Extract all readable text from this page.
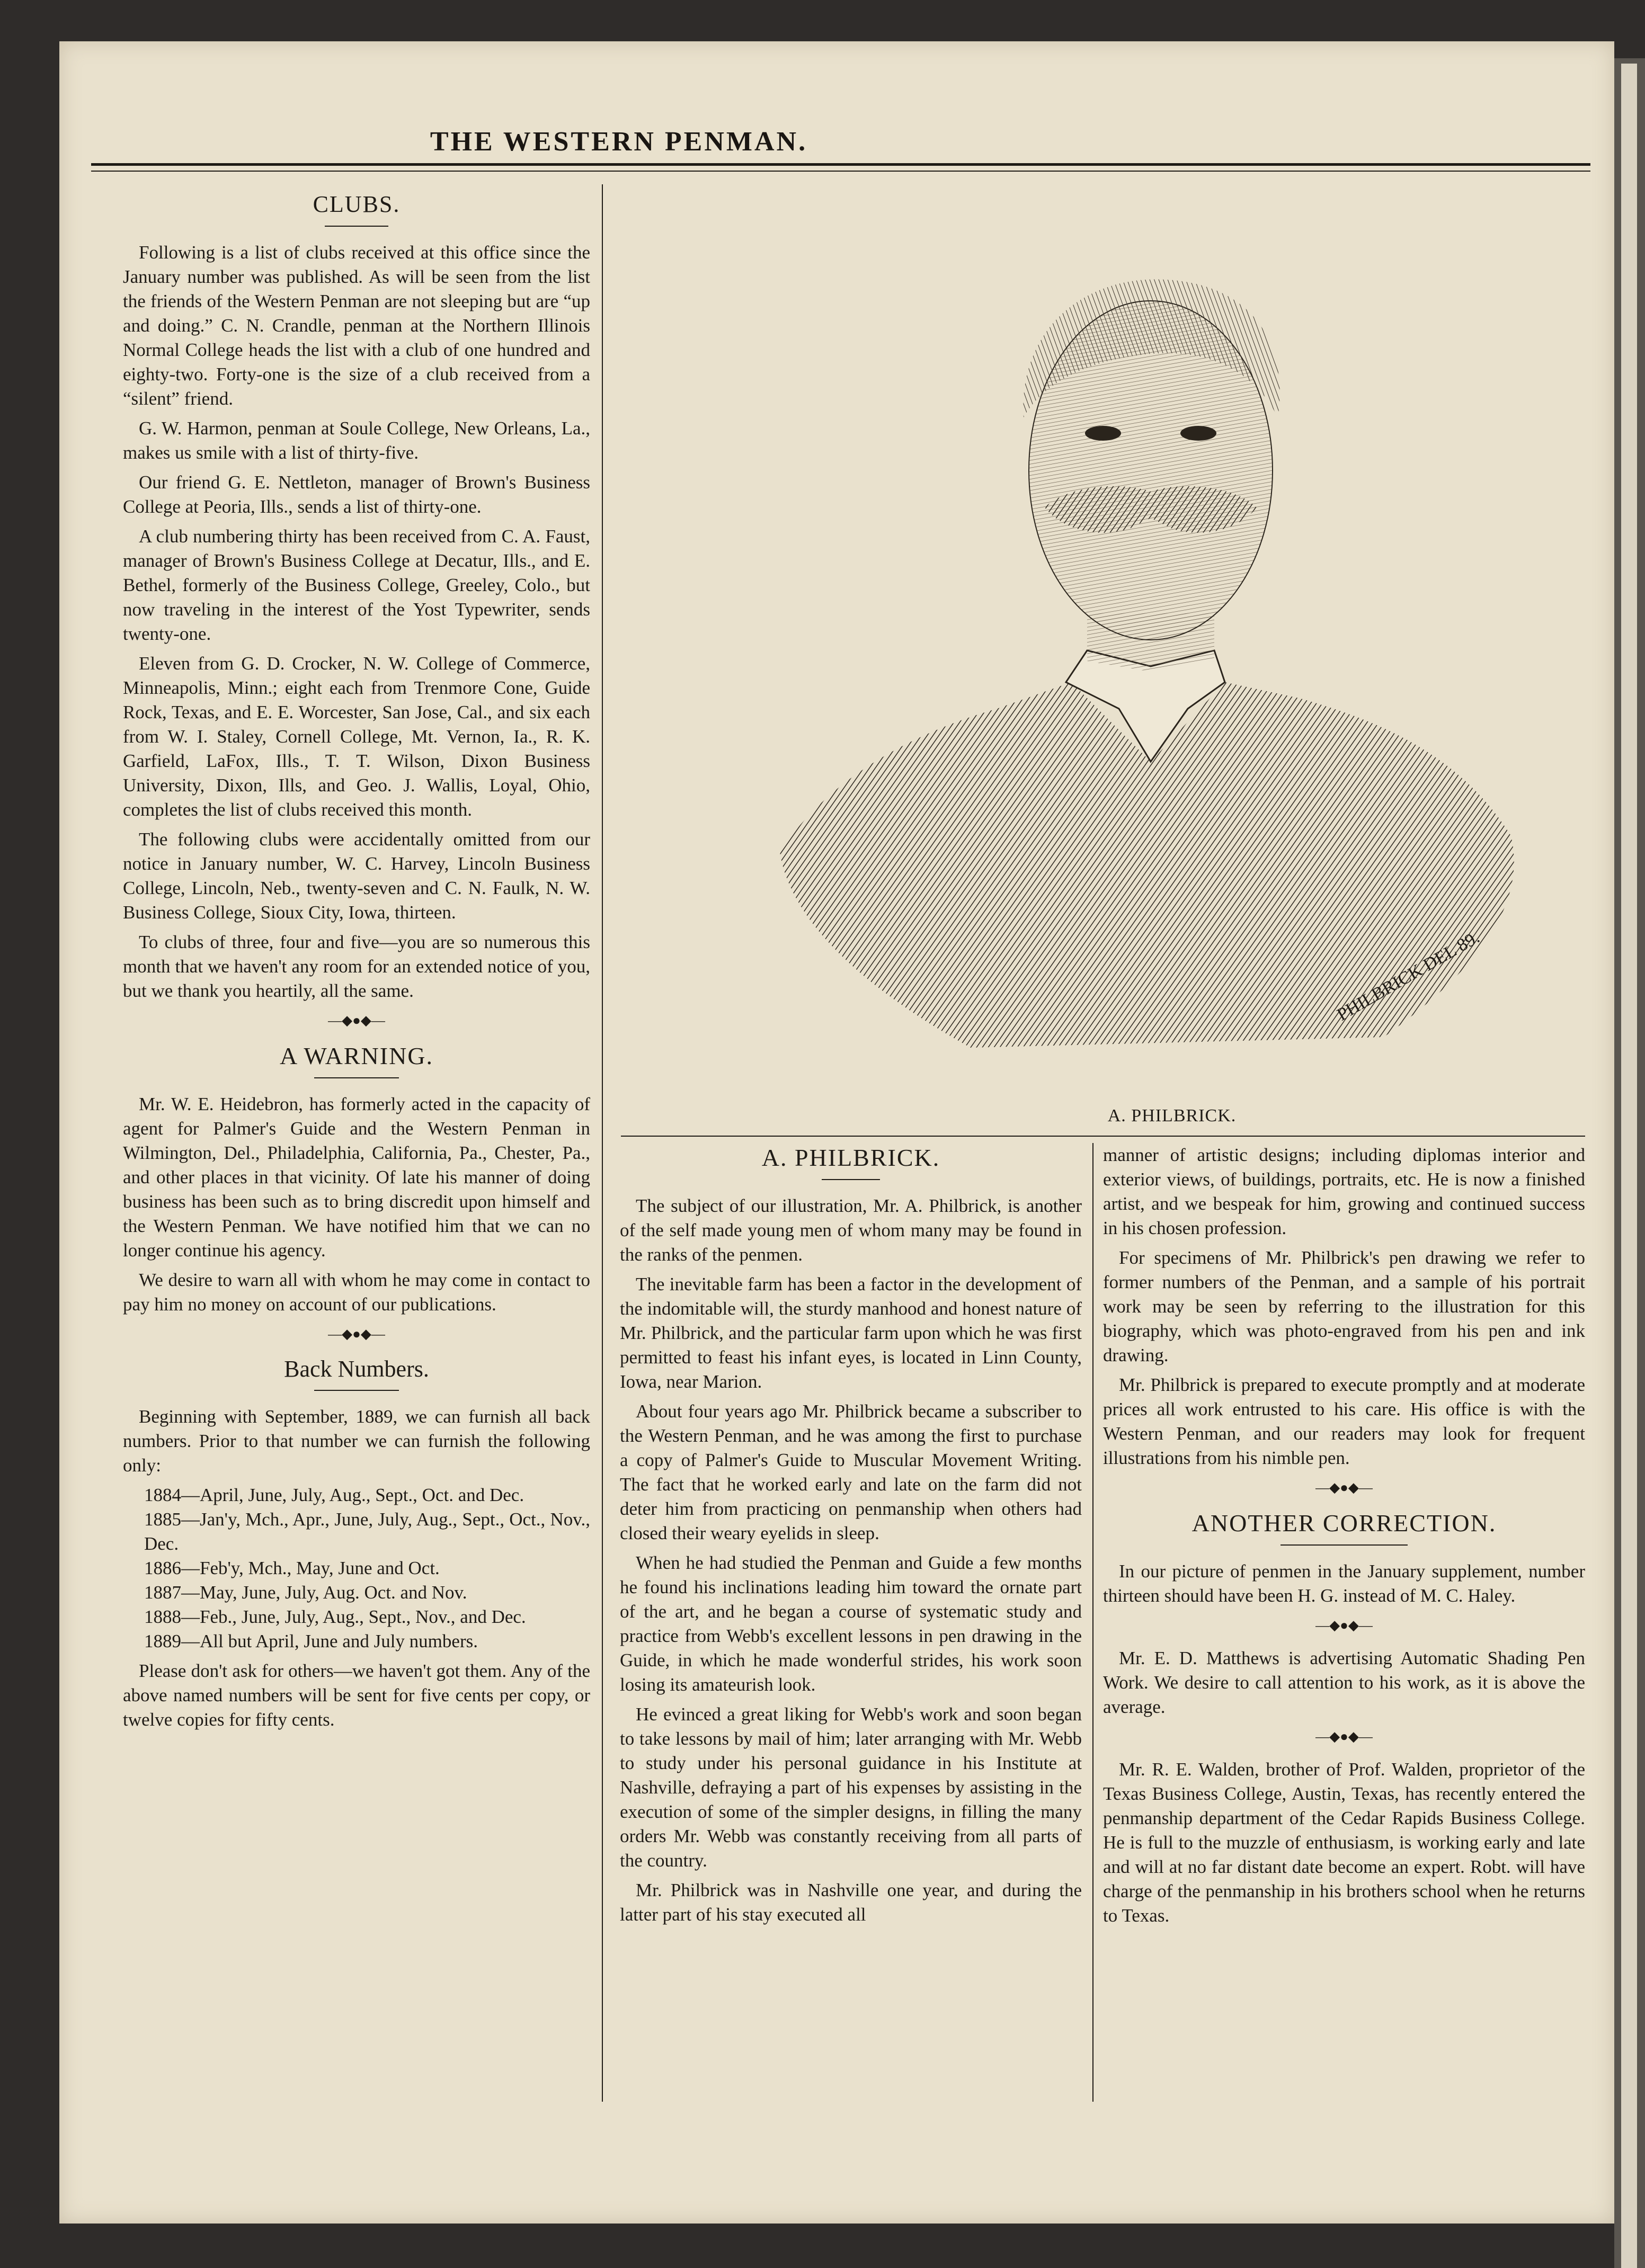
THE WESTERN PENMAN.
CLUBS.

Following is a list of clubs received at this office since the January number was published. As will be seen from the list the friends of the Western Penman are not sleeping but are “up and doing.” C. N. Crandle, penman at the Northern Illinois Normal College heads the list with a club of one hundred and eighty-two. Forty-one is the size of a club received from a “silent” friend.

G. W. Harmon, penman at Soule College, New Orleans, La., makes us smile with a list of thirty-five.

Our friend G. E. Nettleton, manager of Brown's Business College at Peoria, Ills., sends a list of thirty-one.

A club numbering thirty has been received from C. A. Faust, manager of Brown's Business College at Decatur, Ills., and E. Bethel, formerly of the Business College, Greeley, Colo., but now traveling in the interest of the Yost Typewriter, sends twenty-one.

Eleven from G. D. Crocker, N. W. College of Commerce, Minneapolis, Minn.; eight each from Trenmore Cone, Guide Rock, Texas, and E. E. Worcester, San Jose, Cal., and six each from W. I. Staley, Cornell College, Mt. Vernon, Ia., R. K. Garfield, LaFox, Ills., T. T. Wilson, Dixon Business University, Dixon, Ills, and Geo. J. Wallis, Loyal, Ohio, completes the list of clubs received this month.

The following clubs were accidentally omitted from our notice in January number, W. C. Harvey, Lincoln Business College, Lincoln, Neb., twenty-seven and C. N. Faulk, N. W. Business College, Sioux City, Iowa, thirteen.

To clubs of three, four and five—you are so numerous this month that we haven't any room for an extended notice of you, but we thank you heartily, all the same.

—◆●◆—
A WARNING.

Mr. W. E. Heidebron, has formerly acted in the capacity of agent for Palmer's Guide and the Western Penman in Wilmington, Del., Philadelphia, California, Pa., Chester, Pa., and other places in that vicinity. Of late his manner of doing business has been such as to bring discredit upon himself and the Western Penman. We have notified him that we can no longer continue his agency.

We desire to warn all with whom he may come in contact to pay him no money on account of our publications.

—◆●◆—
Back Numbers.

Beginning with September, 1889, we can furnish all back numbers. Prior to that number we can furnish the following only:

1884—April, June, July, Aug., Sept., Oct. and Dec.

1885—Jan'y, Mch., Apr., June, July, Aug., Sept., Oct., Nov., Dec.

1886—Feb'y, Mch., May, June and Oct.

1887—May, June, July, Aug. Oct. and Nov.

1888—Feb., June, July, Aug., Sept., Nov., and Dec.

1889—All but April, June and July numbers.

Please don't ask for others—we haven't got them. Any of the above named numbers will be sent for five cents per copy, or twelve copies for fifty cents.

PHILBRICK DEL 89.
A. PHILBRICK.
A. PHILBRICK.

The subject of our illustration, Mr. A. Philbrick, is another of the self made young men of whom many may be found in the ranks of the penmen.

The inevitable farm has been a factor in the development of the indomitable will, the sturdy manhood and honest nature of Mr. Philbrick, and the particular farm upon which he was first permitted to feast his infant eyes, is located in Linn County, Iowa, near Marion.

About four years ago Mr. Philbrick became a subscriber to the Western Penman, and he was among the first to purchase a copy of Palmer's Guide to Muscular Movement Writing. The fact that he worked early and late on the farm did not deter him from practicing on penmanship when others had closed their weary eyelids in sleep.

When he had studied the Penman and Guide a few months he found his inclinations leading him toward the ornate part of the art, and he began a course of systematic study and practice from Webb's excellent lessons in pen drawing in the Guide, in which he made wonderful strides, his work soon losing its amateurish look.

He evinced a great liking for Webb's work and soon began to take lessons by mail of him; later arranging with Mr. Webb to study under his personal guidance in his Institute at Nashville, defraying a part of his expenses by assisting in the execution of some of the simpler designs, in filling the many orders Mr. Webb was constantly receiving from all parts of the country.

Mr. Philbrick was in Nashville one year, and during the latter part of his stay executed all

manner of artistic designs; including diplomas interior and exterior views, of buildings, portraits, etc. He is now a finished artist, and we bespeak for him, growing and continued success in his chosen profession.

For specimens of Mr. Philbrick's pen drawing we refer to former numbers of the Penman, and a sample of his portrait work may be seen by referring to the illustration for this biography, which was photo-engraved from his pen and ink drawing.

Mr. Philbrick is prepared to execute promptly and at moderate prices all work entrusted to his care. His office is with the Western Penman, and our readers may look for frequent illustrations from his nimble pen.

—◆●◆—
ANOTHER CORRECTION.

In our picture of penmen in the January supplement, number thirteen should have been H. G. instead of M. C. Haley.

—◆●◆—

Mr. E. D. Matthews is advertising Automatic Shading Pen Work. We desire to call attention to his work, as it is above the average.

—◆●◆—

Mr. R. E. Walden, brother of Prof. Walden, proprietor of the Texas Business College, Austin, Texas, has recently entered the penmanship department of the Cedar Rapids Business College. He is full to the muzzle of enthusiasm, is working early and late and will at no far distant date become an expert. Robt. will have charge of the penmanship in his brothers school when he returns to Texas.
